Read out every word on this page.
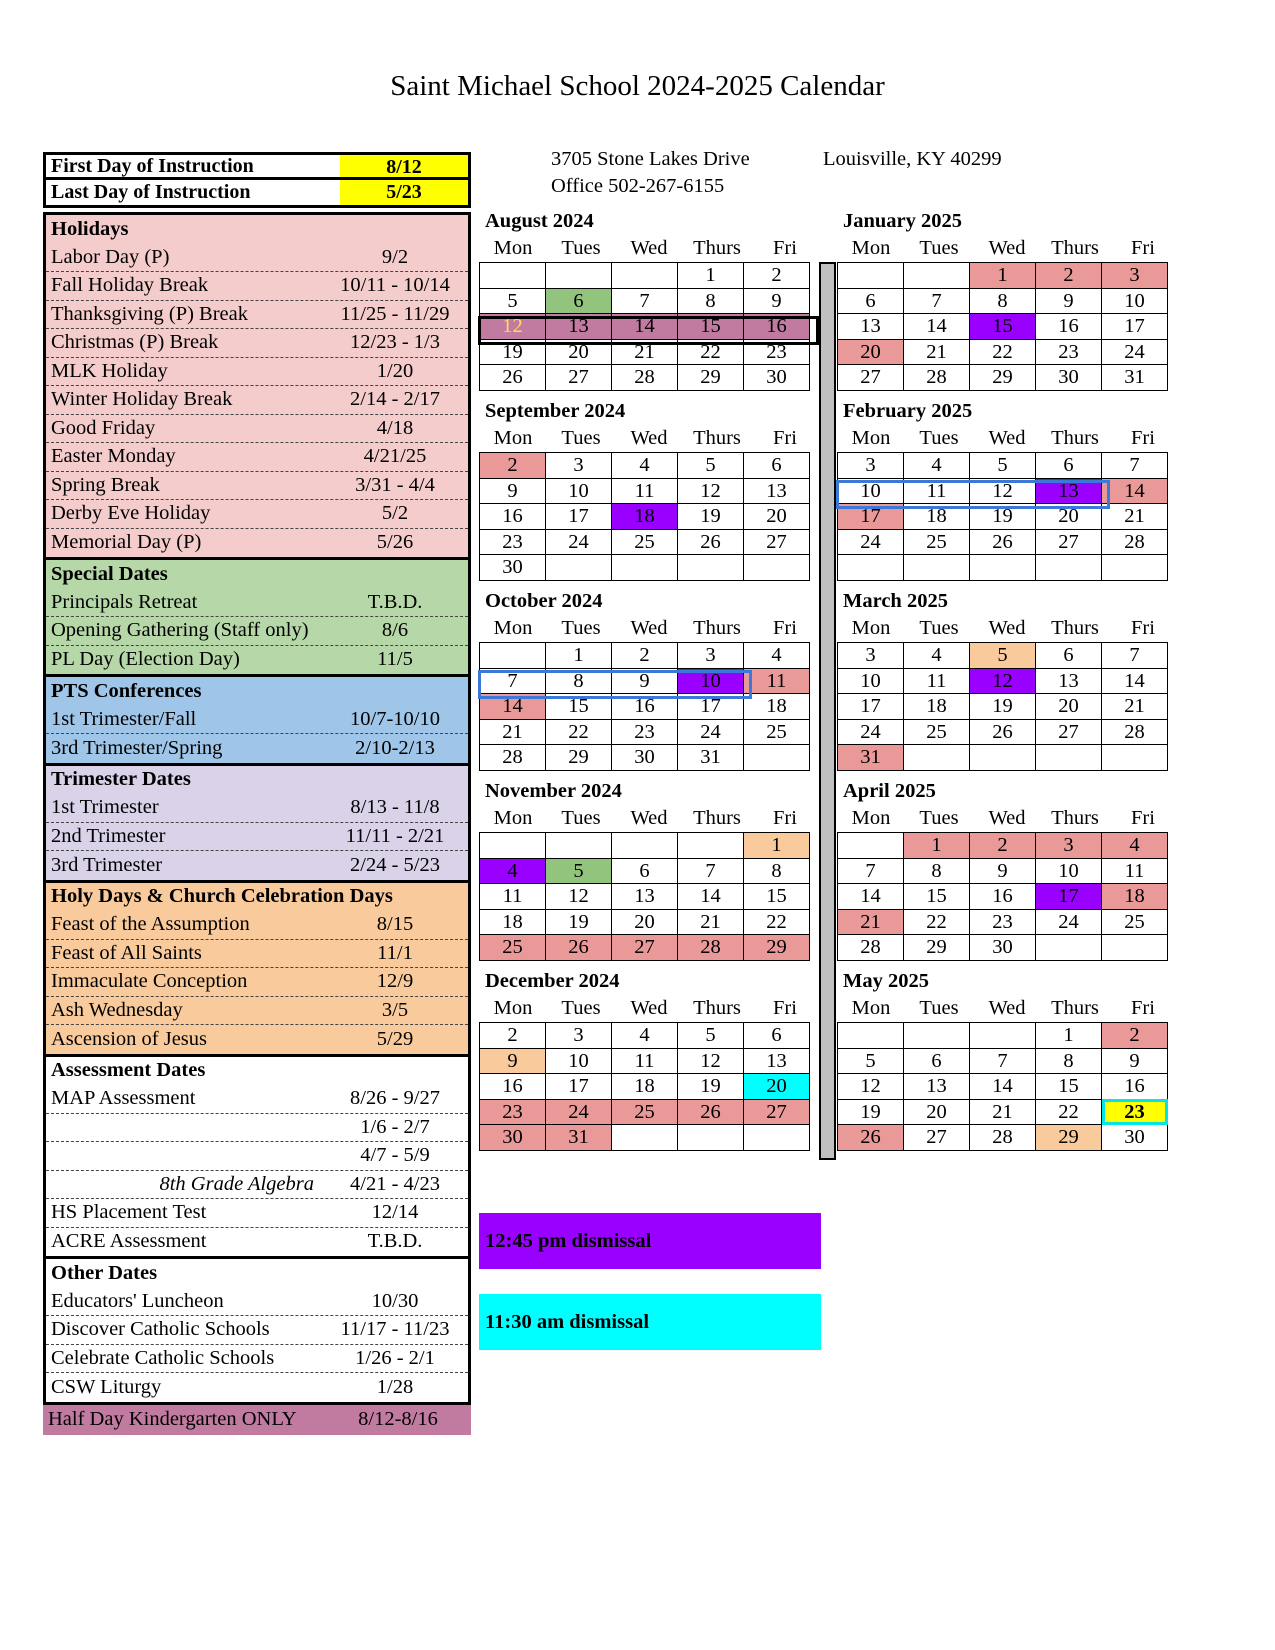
Saint Michael School 2024-2025 Calendar
3705 Stone Lakes Drive	Louisville, KY 40299
Office 502-267-6155
First Day of Instruction	8/12
Last Day of Instruction	5/23
Holidays
Labor Day (P)	9/2
Fall Holiday Break	10/11 - 10/14
Thanksgiving (P) Break	11/25 - 11/29
Christmas (P) Break	12/23 - 1/3
MLK Holiday	1/20
Winter Holiday Break	2/14 - 2/17
Good Friday	4/18
Easter Monday	4/21/25
Spring Break	3/31 - 4/4
Derby Eve Holiday	5/2
Memorial Day (P)	5/26
Special Dates
Principals Retreat	T.B.D.
Opening Gathering (Staff only)	8/6
PL Day (Election Day)	11/5
PTS Conferences
1st Trimester/Fall	10/7-10/10
3rd Trimester/Spring	2/10-2/13
Trimester Dates
1st Trimester	8/13 - 11/8
2nd Trimester	11/11 - 2/21
3rd Trimester	2/24 - 5/23
Holy Days & Church Celebration Days
Feast of the Assumption	8/15
Feast of All Saints	11/1
Immaculate Conception	12/9
Ash Wednesday	3/5
Ascension of Jesus	5/29
Assessment Dates
MAP Assessment	8/26 - 9/27
1/6 - 2/7
4/7 - 5/9
8th Grade Algebra	4/21 - 4/23
HS Placement Test	12/14
ACRE Assessment	T.B.D.
Other Dates
Educators' Luncheon	10/30
Discover Catholic Schools	11/17 - 11/23
Celebrate Catholic Schools	1/26 - 2/1
CSW Liturgy	1/28
Half Day Kindergarten ONLY	8/12-8/16
August 2024
Mon	Tues	Wed	Thurs	Fri
			1	2
5	6	7	8	9
12	13	14	15	16
19	20	21	22	23
26	27	28	29	30
September 2024
Mon	Tues	Wed	Thurs	Fri
2	3	4	5	6
9	10	11	12	13
16	17	18	19	20
23	24	25	26	27
30				
October 2024
Mon	Tues	Wed	Thurs	Fri
	1	2	3	4
7	8	9	10	11
14	15	16	17	18
21	22	23	24	25
28	29	30	31	
November 2024
Mon	Tues	Wed	Thurs	Fri
				1
4	5	6	7	8
11	12	13	14	15
18	19	20	21	22
25	26	27	28	29
December 2024
Mon	Tues	Wed	Thurs	Fri
2	3	4	5	6
9	10	11	12	13
16	17	18	19	20
23	24	25	26	27
30	31			
January 2025
Mon	Tues	Wed	Thurs	Fri
		1	2	3
6	7	8	9	10
13	14	15	16	17
20	21	22	23	24
27	28	29	30	31
February 2025
Mon	Tues	Wed	Thurs	Fri
3	4	5	6	7
10	11	12	13	14
17	18	19	20	21
24	25	26	27	28

March 2025
Mon	Tues	Wed	Thurs	Fri
3	4	5	6	7
10	11	12	13	14
17	18	19	20	21
24	25	26	27	28
31				
April 2025
Mon	Tues	Wed	Thurs	Fri
	1	2	3	4
7	8	9	10	11
14	15	16	17	18
21	22	23	24	25
28	29	30		
May 2025
Mon	Tues	Wed	Thurs	Fri
			1	2
5	6	7	8	9
12	13	14	15	16
19	20	21	22	23
26	27	28	29	30
12:45 pm dismissal
11:30 am dismissal
